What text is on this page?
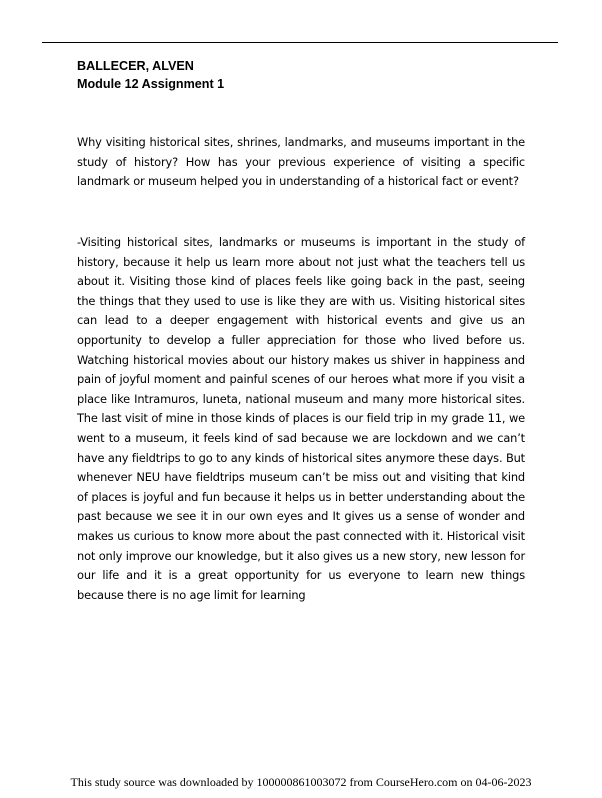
BALLECER, ALVEN
Module 12 Assignment 1

Why visiting historical sites, shrines, landmarks, and museums important in the study of history? How has your previous experience of visiting a specific landmark or museum helped you in understanding of a historical fact or event?

-Visiting historical sites, landmarks or museums is important in the study of history, because it help us learn more about not just what the teachers tell us about it. Visiting those kind of places feels like going back in the past, seeing the things that they used to use is like they are with us. Visiting historical sites can lead to a deeper engagement with historical events and give us an opportunity to develop a fuller appreciation for those who lived before us. Watching historical movies about our history makes us shiver in happiness and pain of joyful moment and painful scenes of our heroes what more if you visit a place like Intramuros, luneta, national museum and many more historical sites. The last visit of mine in those kinds of places is our field trip in my grade 11, we went to a museum, it feels kind of sad because we are lockdown and we can’t have any fieldtrips to go to any kinds of historical sites anymore these days. But whenever NEU have fieldtrips museum can’t be miss out and visiting that kind of places is joyful and fun because it helps us in better understanding about the past because we see it in our own eyes and It gives us a sense of wonder and makes us curious to know more about the past connected with it. Historical visit not only improve our knowledge, but it also gives us a new story, new lesson for our life and it is a great opportunity for us everyone to learn new things because there is no age limit for learning

This study source was downloaded by 100000861003072 from CourseHero.com on 04-06-2023
